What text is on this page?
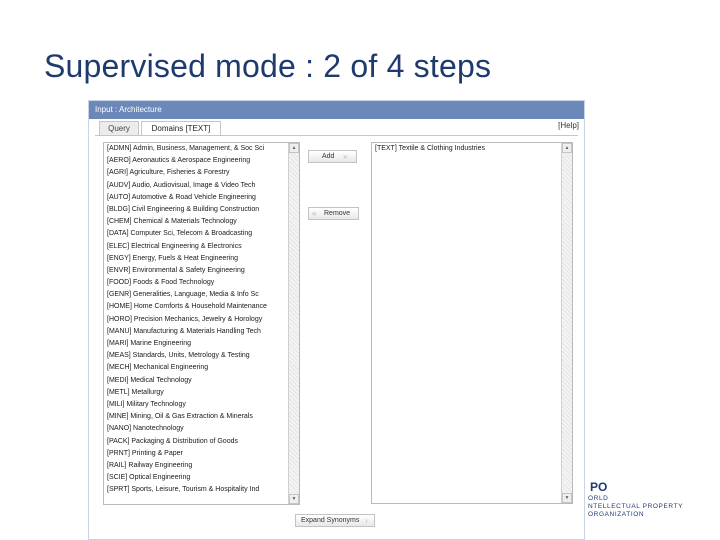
Supervised mode : 2 of 4 steps
Input : Architecture
Query	Domains [TEXT]	[Help]
[ADMN] Admin, Business, Management, & Soc Sci
[AERO] Aeronautics & Aerospace Engineering
[AGRI] Agriculture, Fisheries & Forestry
[AUDV] Audio, Audiovisual, Image & Video Tech
[AUTO] Automotive & Road Vehicle Engineering
[BLDG] Civil Engineering & Building Construction
[CHEM] Chemical & Materials Technology
[DATA] Computer Sci, Telecom & Broadcasting
[ELEC] Electrical Engineering & Electronics
[ENGY] Energy, Fuels & Heat Engineering
[ENVR] Environmental & Safety Engineering
[FOOD] Foods & Food Technology
[GENR] Generalities, Language, Media & Info Sc
[HOME] Home Comforts & Household Maintenance
[HORO] Precision Mechanics, Jewelry & Horology
[MANU] Manufacturing & Materials Handling Tech
[MARI] Marine Engineering
[MEAS] Standards, Units, Metrology & Testing
[MECH] Mechanical Engineering
[MEDI] Medical Technology
[METL] Metallurgy
[MILI] Military Technology
[MINE] Mining, Oil & Gas Extraction & Minerals
[NANO] Nanotechnology
[PACK] Packaging & Distribution of Goods
[PRNT] Printing & Paper
[RAIL] Railway Engineering
[SCIE] Optical Engineering
[SPRT] Sports, Leisure, Tourism & Hospitality Ind
▲
▼
Add »
« Remove
[TEXT] Textile & Clothing Industries	▲
▼
Expand Synonyms ›
PO
ORLD
NTELLECTUAL PROPERTY
ORGANIZATION
